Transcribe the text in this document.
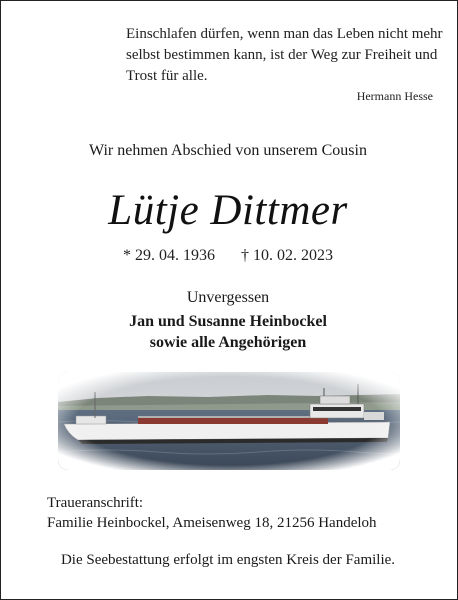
Einschlafen dürfen, wenn man das Leben nicht mehr selbst bestimmen kann, ist der Weg zur Freiheit und Trost für alle.
Hermann Hesse
Wir nehmen Abschied von unserem Cousin
Lütje Dittmer
* 29. 04. 1936 † 10. 02. 2023
Unvergessen
Jan und Susanne Heinbockel
sowie alle Angehörigen
Traueranschrift:
Familie Heinbockel, Ameisenweg 18, 21256 Handeloh
Die Seebestattung erfolgt im engsten Kreis der Familie.
